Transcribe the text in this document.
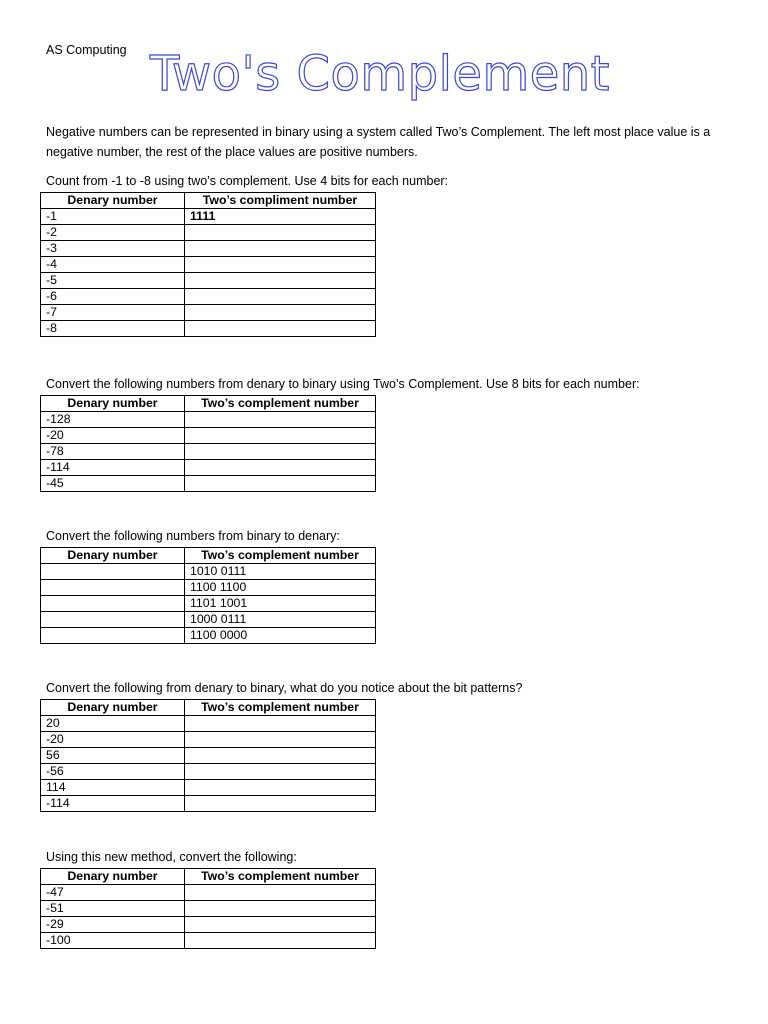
AS Computing Two's Complement
Negative numbers can be represented in binary using a system called Two’s Complement. The left most place value is a negative number, the rest of the place values are positive numbers.
Count from -1 to -8 using two’s complement. Use 4 bits for each number:
Denary number	Two’s compliment number
-1	1111
-2	
-3	
-4	
-5	
-6	
-7	
-8	
Convert the following numbers from denary to binary using Two’s Complement. Use 8 bits for each number:
Denary number	Two’s complement number
-128	
-20	
-78	
-114	
-45	
Convert the following numbers from binary to denary:
Denary number	Two’s complement number
	1010 0111
	1100 1100
	1101 1001
	1000 0111
	1100 0000
Convert the following from denary to binary, what do you notice about the bit patterns?
Denary number	Two’s complement number
20	
-20	
56	
-56	
114	
-114	
Using this new method, convert the following:
Denary number	Two’s complement number
-47	
-51	
-29	
-100	
